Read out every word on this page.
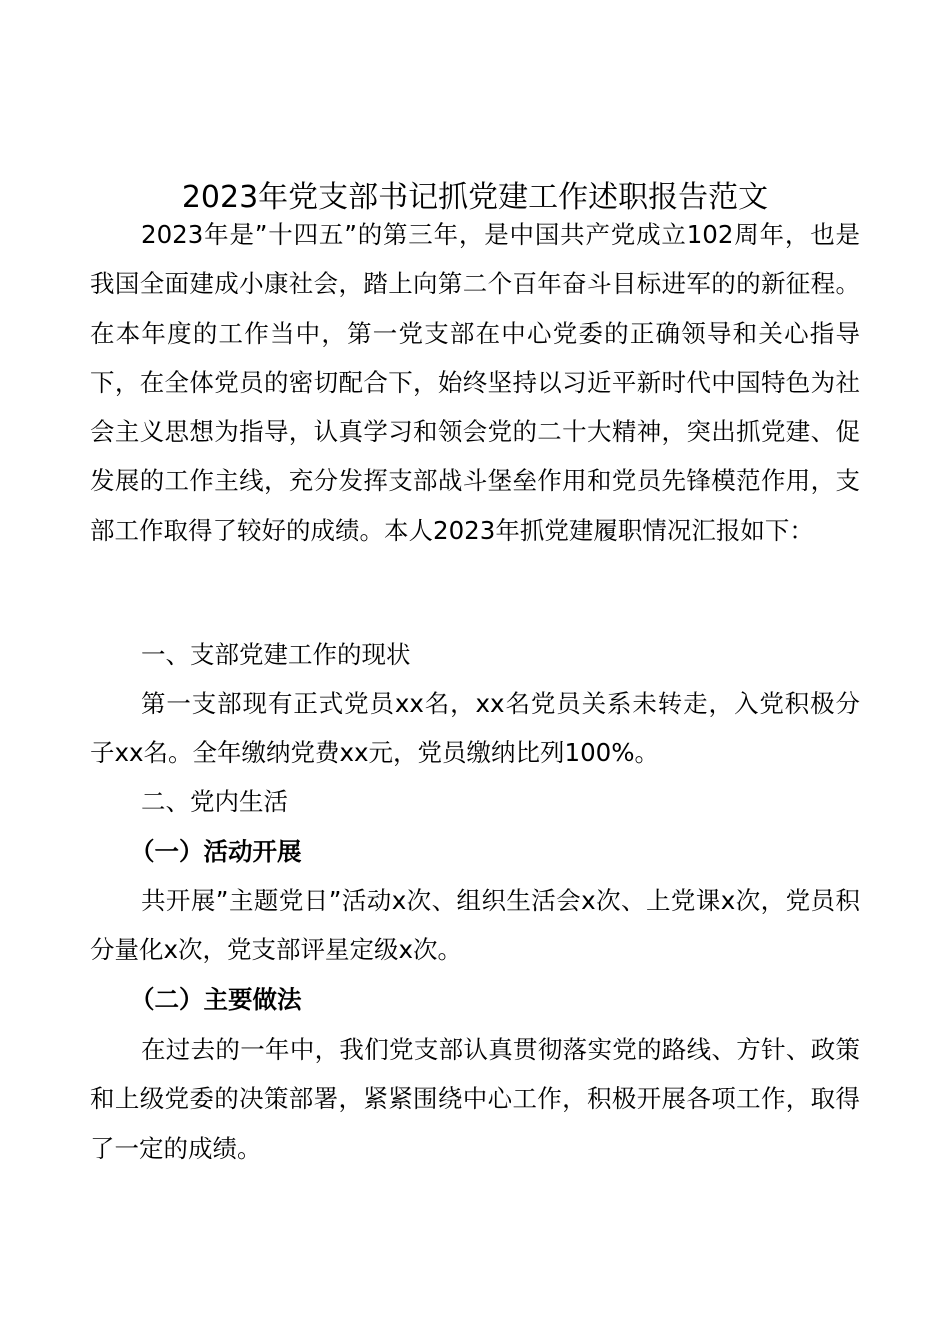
2023年党支部书记抓党建工作述职报告范文
2023年是”十四五”的第三年，是中国共产党成立102周年，也是我国全面建成小康社会，踏上向第二个百年奋斗目标进军的的新征程。在本年度的工作当中，第一党支部在中心党委的正确领导和关心指导下，在全体党员的密切配合下，始终坚持以习近平新时代中国特色为社会主义思想为指导，认真学习和领会党的二十大精神，突出抓党建、促发展的工作主线，充分发挥支部战斗堡垒作用和党员先锋模范作用，支部工作取得了较好的成绩。本人2023年抓党建履职情况汇报如下：
一、支部党建工作的现状
第一支部现有正式党员xx名，xx名党员关系未转走，入党积极分子xx名。全年缴纳党费xx元，党员缴纳比列100%。
二、党内生活
（一）活动开展
共开展”主题党日”活动x次、组织生活会x次、上党课x次，党员积分量化x次，党支部评星定级x次。
（二）主要做法
在过去的一年中，我们党支部认真贯彻落实党的路线、方针、政策和上级党委的决策部署，紧紧围绕中心工作，积极开展各项工作，取得了一定的成绩。
